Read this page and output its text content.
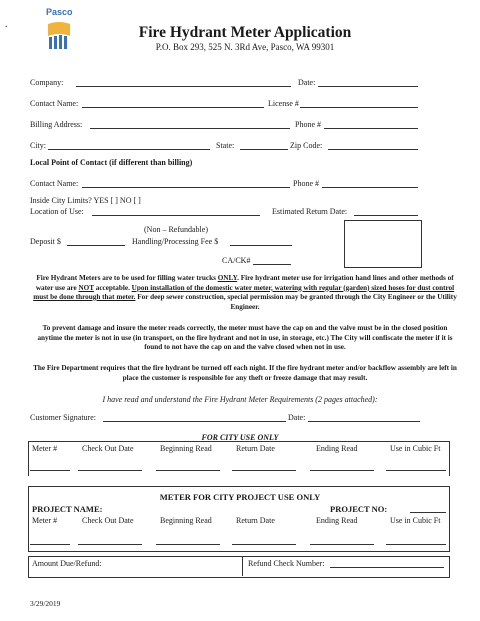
.
Pasco
Fire Hydrant Meter Application
P.O. Box 293, 525 N. 3Rd Ave, Pasco, WA 99301
Company:	Date:
Contact Name:	License #
Billing Address:	Phone #
City:	State:	Zip Code:
Local Point of Contact (if different than billing)
Contact Name:	Phone #
Inside City Limits? YES [ ] NO [ ]
Location of Use:	Estimated Return Date:
(Non – Refundable)
Deposit $	Handling/Processing Fee $
CA/CK#
Fire Hydrant Meters are to be used for filling water trucks ONLY. Fire hydrant meter use for irrigation hand lines and other methods of water use are NOT acceptable. Upon installation of the domestic water meter, watering with regular (garden) sized hoses for dust control must be done through that meter. For deep sewer construction, special permission may be granted through the City Engineer or the Utility Engineer.
To prevent damage and insure the meter reads correctly, the meter must have the cap on and the valve must be in the closed position anytime the meter is not in use (in transport, on the fire hydrant and not in use, in storage, etc.) The City will confiscate the meter if it is found to not have the cap on and the valve closed when not in use.
The Fire Department requires that the fire hydrant be turned off each night. If the fire hydrant meter and/or backflow assembly are left in place the customer is responsible for any theft or freeze damage that may result.
I have read and understand the Fire Hydrant Meter Requirements (2 pages attached):
Customer Signature:	Date:
FOR CITY USE ONLY
Meter #	Check Out Date	Beginning Read	Return Date	Ending Read	Use in Cubic Ft
METER FOR CITY PROJECT USE ONLY
PROJECT NAME:	PROJECT NO:
Meter #	Check Out Date	Beginning Read	Return Date	Ending Read	Use in Cubic Ft
Amount Due/Refund:	Refund Check Number:
3/29/2019
